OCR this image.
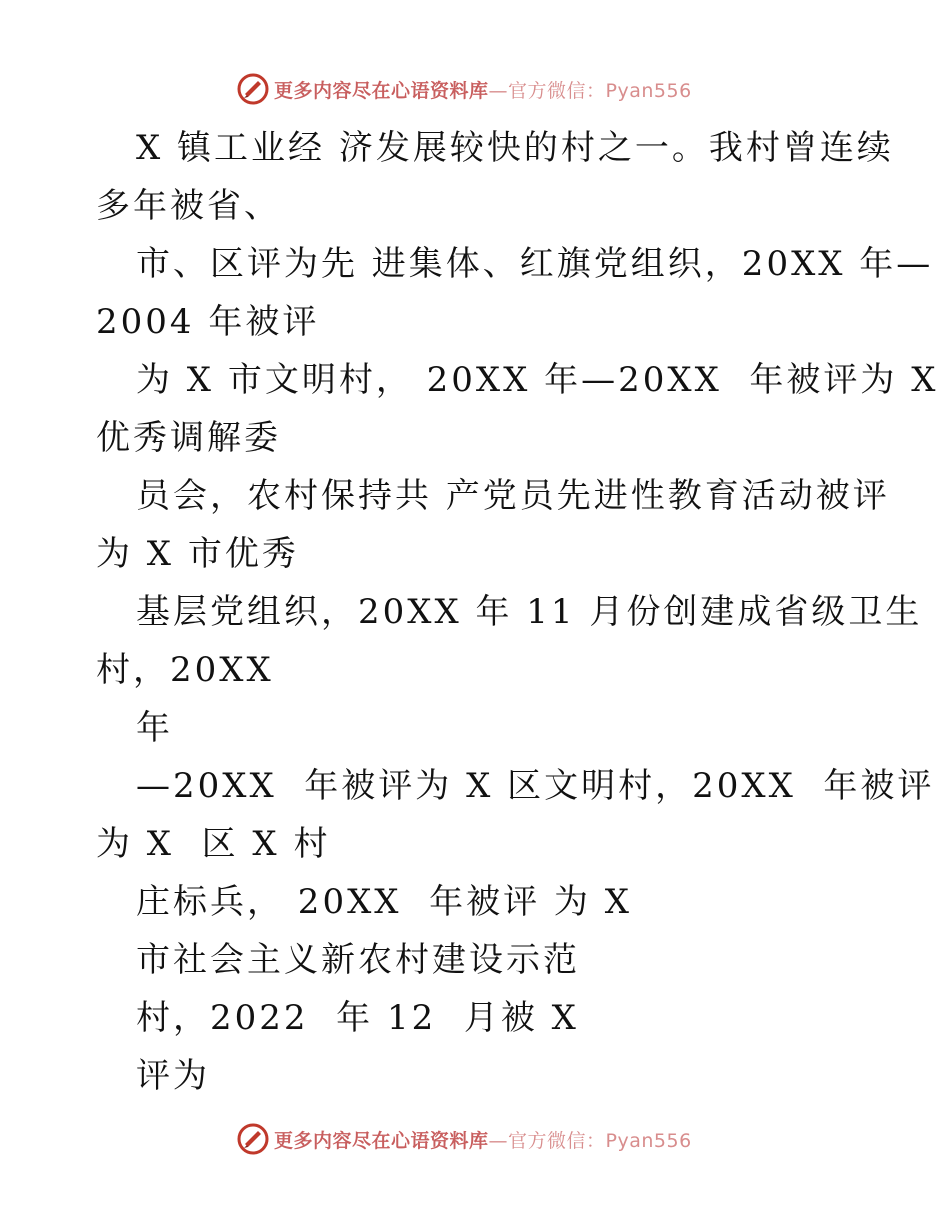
更多内容尽在心语资料库—官方微信：Pyan556
X 镇工业经 济发展较快的村之一。我村曾连续
多年被省、
市、区评为先 进集体、红旗党组织，20XX 年—
2004 年被评
为 X 市文明村， 20XX 年—20XX  年被评为 X
优秀调解委
员会，农村保持共 产党员先进性教育活动被评
为 X 市优秀
基层党组织，20XX 年 11 月份创建成省级卫生
村，20XX
年
—20XX  年被评为 X 区文明村，20XX  年被评
为 X  区 X 村
庄标兵， 20XX  年被评 为 X
市社会主义新农村建设示范
村，2022  年 12  月被 X
评为
更多内容尽在心语资料库—官方微信：Pyan556
